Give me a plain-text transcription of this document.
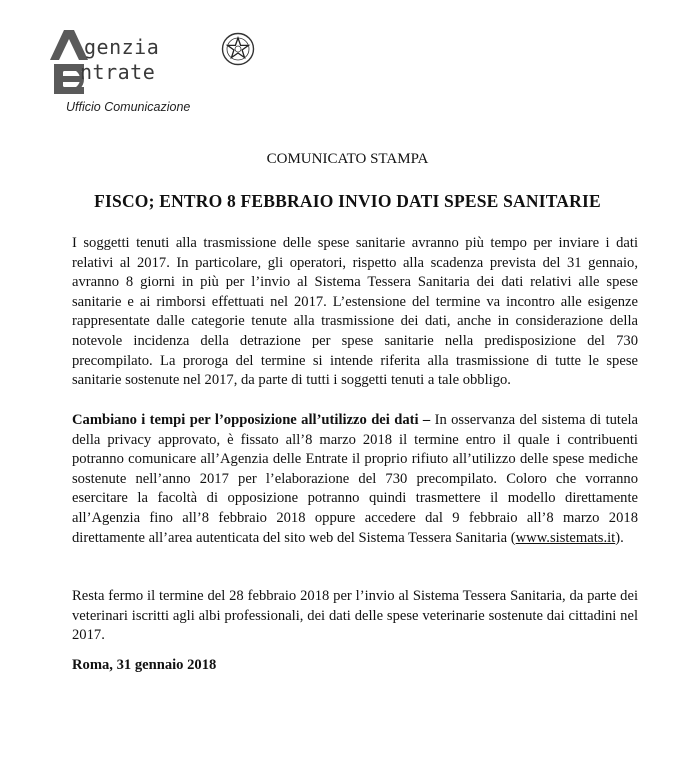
genzia
ntrate
Ufficio Comunicazione
COMUNICATO STAMPA
FISCO; ENTRO 8 FEBBRAIO INVIO DATI SPESE SANITARIE

I soggetti tenuti alla trasmissione delle spese sanitarie avranno più tempo per inviare i dati relativi al 2017. In particolare, gli operatori, rispetto alla scadenza prevista del 31 gennaio, avranno 8 giorni in più per l’invio al Sistema Tessera Sanitaria dei dati relativi alle spese sanitarie e ai rimborsi effettuati nel 2017. L’estensione del termine va incontro alle esigenze rappresentate dalle categorie tenute alla trasmissione dei dati, anche in considerazione della notevole incidenza della detrazione per spese sanitarie nella predisposizione del 730 precompilato. La proroga del termine si intende riferita alla trasmissione di tutte le spese sanitarie sostenute nel 2017, da parte di tutti i soggetti tenuti a tale obbligo.

Cambiano i tempi per l’opposizione all’utilizzo dei dati – In osservanza del sistema di tutela della privacy approvato, è fissato all’8 marzo 2018 il termine entro il quale i contribuenti potranno comunicare all’Agenzia delle Entrate il proprio rifiuto all’utilizzo delle spese mediche sostenute nell’anno 2017 per l’elaborazione del 730 precompilato. Coloro che vorranno esercitare la facoltà di opposizione potranno quindi trasmettere il modello direttamente all’Agenzia fino all’8 febbraio 2018 oppure accedere dal 9 febbraio all’8 marzo 2018 direttamente all’area autenticata del sito web del Sistema Tessera Sanitaria (www.sistemats.it).

Resta fermo il termine del 28 febbraio 2018 per l’invio al Sistema Tessera Sanitaria, da parte dei veterinari iscritti agli albi professionali, dei dati delle spese veterinarie sostenute dai cittadini nel 2017.

Roma, 31 gennaio 2018
